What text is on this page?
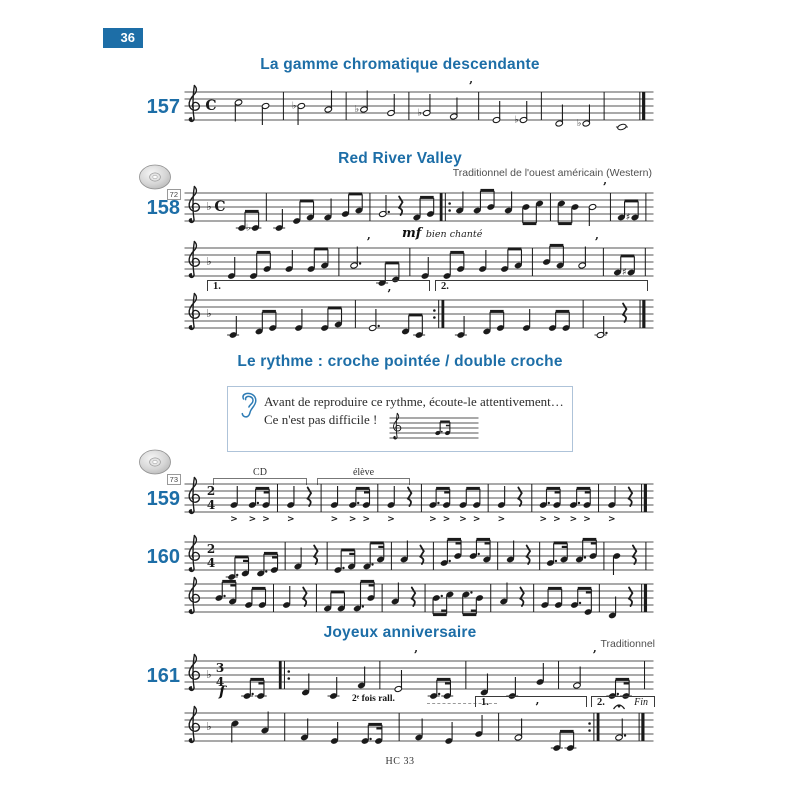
36
La gamme chromatique descendante
157 C	♭	♭	♭
’
♭	♭
Red River Valley
Traditionnel de l'ouest américain (Western)
72
158 ♭ C
♭
’
♯
mf bien chanté
♭
’	’
♯
1.	2.
♭
’
Le rythme : croche pointée / double croche
Avant de reproduire ce rythme, écoute-le attentivement…
Ce n'est pas difficile !
73
CD	élève
159 2
4
> > > >	> > > >	> > > > >	> > > > >
160 2
4
Joyeux anniversaire
Traditionnel
161 ♭ 3
4
’	’
f	2ᵉ fois rall.	1.	2.	Fin
♭
’
HC 33
